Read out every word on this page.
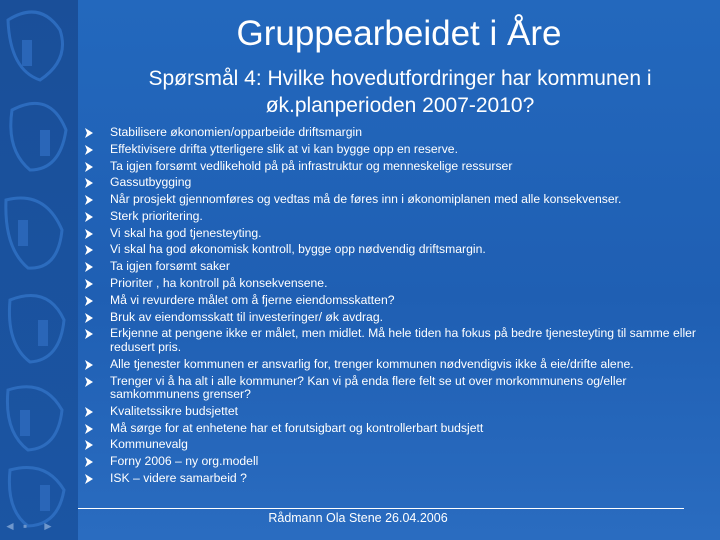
Gruppearbeidet i Åre

Spørsmål 4: Hvilke hovedutfordringer har kommunen i øk.planperioden 2007-2010?

Stabilisere økonomien/opparbeide driftsmargin
Effektivisere drifta ytterligere slik at vi kan bygge opp en reserve.
Ta igjen forsømt vedlikehold på på infrastruktur og menneskelige ressurser
Gassutbygging
Når prosjekt gjennomføres og vedtas må de føres inn i økonomiplanen med alle konsekvenser.
Sterk prioritering.
Vi skal ha god tjenesteyting.
Vi skal ha god økonomisk kontroll, bygge opp nødvendig driftsmargin.
Ta igjen forsømt saker
Prioriter , ha kontroll på konsekvensene.
Må vi revurdere målet om å fjerne eiendomsskatten?
Bruk av eiendomsskatt til investeringer/ øk avdrag.
Erkjenne at pengene ikke er målet, men midlet. Må hele tiden ha fokus på bedre tjenesteyting til samme eller redusert pris.
Alle tjenester kommunen er ansvarlig for, trenger kommunen nødvendigvis ikke å eie/drifte alene.
Trenger vi å ha alt i alle kommuner? Kan vi på enda flere felt se ut over morkommunens og/eller samkommunens grenser?
Kvalitetssikre budsjettet
Må sørge for at enhetene har et forutsigbart og kontrollerbart budsjett
Kommunevalg
Forny 2006 – ny org.modell
ISK – videre samarbeid ?
Rådmann Ola Stene 26.04.2006
◄ ▪	►
